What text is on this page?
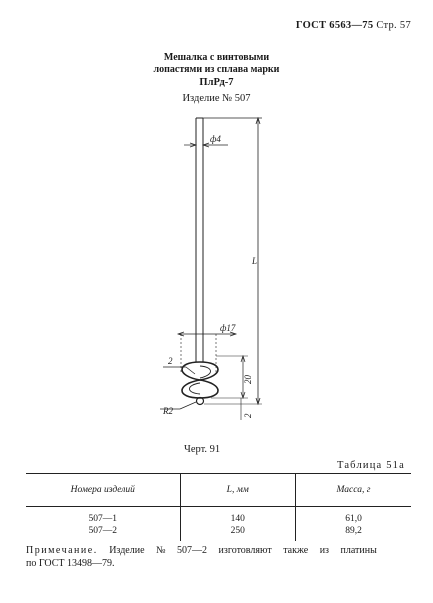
ГОСТ 6563—75 Стр. 57
Мешалка с винтовыми
лопастями из сплава марки
ПлРд-7
Изделие № 507
ф4
L
ф17
20
2
2
R2
Черт. 91
Таблица 51а
Номера изделий	L, мм	Масса, г
507—1	140	61,0
507—2	250	89,2
Примечание. Изделие № 507—2 изготовляют также из платины
по ГОСТ 13498—79.
